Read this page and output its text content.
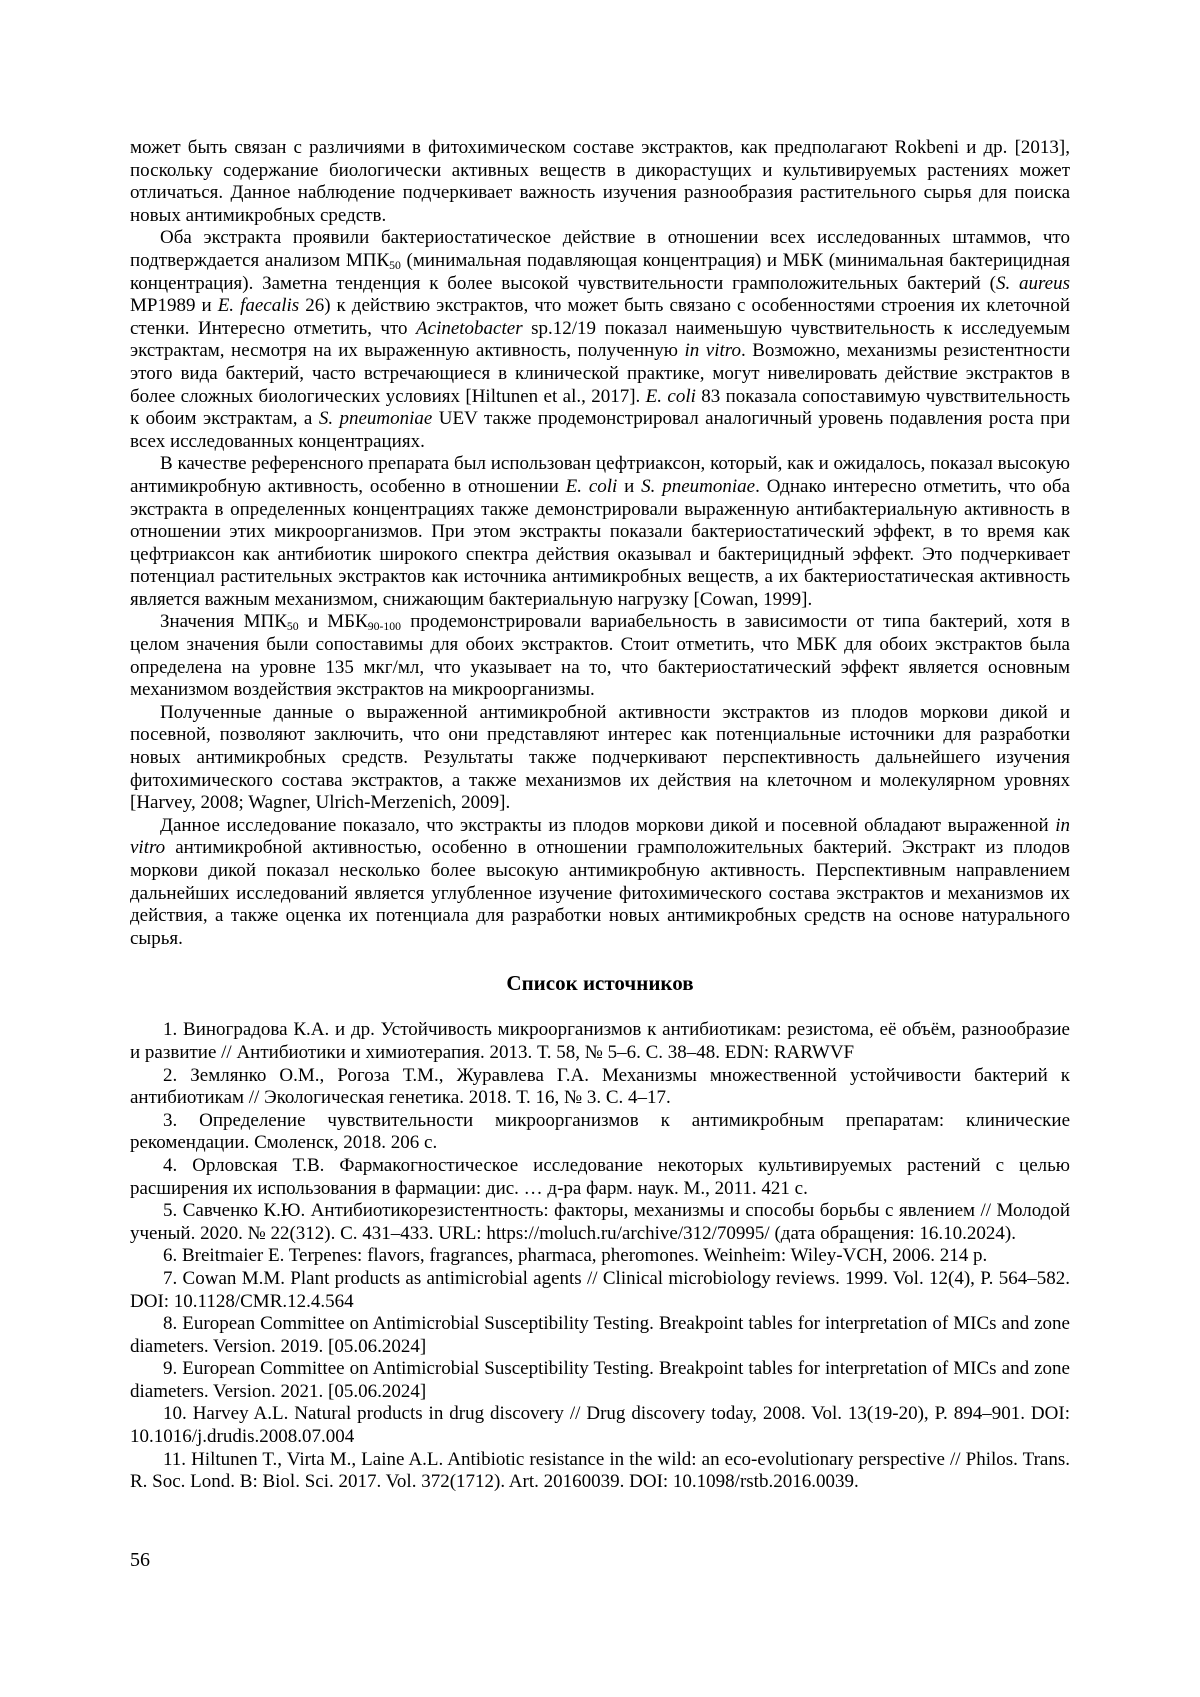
может быть связан с различиями в фитохимическом составе экстрактов, как предполагают Rokbeni и др. [2013], поскольку содержание биологически активных веществ в дикорастущих и культивируемых растениях может отличаться. Данное наблюдение подчеркивает важность изучения разнообразия растительного сырья для поиска новых антимикробных средств.

Оба экстракта проявили бактериостатическое действие в отношении всех исследованных штаммов, что подтверждается анализом $МПК_{50}$ (минимальная подавляющая концентрация) и МБК (минимальная бактерицидная концентрация). Заметна тенденция к более высокой чувствительности грамположительных бактерий (S. aureus MP1989 и E. faecalis 26) к действию экстрактов, что может быть связано с особенностями строения их клеточной стенки. Интересно отметить, что Acinetobacter sp.12/19 показал наименьшую чувствительность к исследуемым экстрактам, несмотря на их выраженную активность, полученную in vitro. Возможно, механизмы резистентности этого вида бактерий, часто встречающиеся в клинической практике, могут нивелировать действие экстрактов в более сложных биологических условиях [Hiltunen et al., 2017]. E. coli 83 показала сопоставимую чувствительность к обоим экстрактам, а S. pneumoniae UEV также продемонстрировал аналогичный уровень подавления роста при всех исследованных концентрациях.

В качестве референсного препарата был использован цефтриаксон, который, как и ожидалось, показал высокую антимикробную активность, особенно в отношении E. coli и S. pneumoniae. Однако интересно отметить, что оба экстракта в определенных концентрациях также демонстрировали выраженную антибактериальную активность в отношении этих микроорганизмов. При этом экстракты показали бактериостатический эффект, в то время как цефтриаксон как антибиотик широкого спектра действия оказывал и бактерицидный эффект. Это подчеркивает потенциал растительных экстрактов как источника антимикробных веществ, а их бактериостатическая активность является важным механизмом, снижающим бактериальную нагрузку [Cowan, 1999].

Значения $МПК_{50}$ и $МБК_{90-100}$ продемонстрировали вариабельность в зависимости от типа бактерий, хотя в целом значения были сопоставимы для обоих экстрактов. Стоит отметить, что МБК для обоих экстрактов была определена на уровне 135 мкг/мл, что указывает на то, что бактериостатический эффект является основным механизмом воздействия экстрактов на микроорганизмы.

Полученные данные о выраженной антимикробной активности экстрактов из плодов моркови дикой и посевной, позволяют заключить, что они представляют интерес как потенциальные источники для разработки новых антимикробных средств. Результаты также подчеркивают перспективность дальнейшего изучения фитохимического состава экстрактов, а также механизмов их действия на клеточном и молекулярном уровнях [Harvey, 2008; Wagner, Ulrich-Merzenich, 2009].

Данное исследование показало, что экстракты из плодов моркови дикой и посевной обладают выраженной in vitro антимикробной активностью, особенно в отношении грамположительных бактерий. Экстракт из плодов моркови дикой показал несколько более высокую антимикробную активность. Перспективным направлением дальнейших исследований является углубленное изучение фитохимического состава экстрактов и механизмов их действия, а также оценка их потенциала для разработки новых антимикробных средств на основе натурального сырья.

Список источников

1. Виноградова К.А. и др. Устойчивость микроорганизмов к антибиотикам: резистома, её объём, разнообразие и развитие // Антибиотики и химиотерапия. 2013. Т. 58, № 5–6. С. 38–48. EDN: RARWVF

2. Землянко О.М., Рогоза Т.М., Журавлева Г.А. Механизмы множественной устойчивости бактерий к антибиотикам // Экологическая генетика. 2018. Т. 16, № 3. С. 4–17.

3. Определение чувствительности микроорганизмов к антимикробным препаратам: клинические рекомендации. Смоленск, 2018. 206 с.

4. Орловская Т.В. Фармакогностическое исследование некоторых культивируемых растений с целью расширения их использования в фармации: дис. … д-ра фарм. наук. М., 2011. 421 с.

5. Савченко К.Ю. Антибиотикорезистентность: факторы, механизмы и способы борьбы с явлением // Молодой ученый. 2020. № 22(312). С. 431–433. URL: https://moluch.ru/archive/312/70995/ (дата обращения: 16.10.2024).

6. Breitmaier E. Terpenes: flavors, fragrances, pharmaca, pheromones. Weinheim: Wiley-VCH, 2006. 214 p.

7. Cowan M.M. Plant products as antimicrobial agents // Clinical microbiology reviews. 1999. Vol. 12(4), P. 564–582. DOI: 10.1128/CMR.12.4.564

8. European Committee on Antimicrobial Susceptibility Testing. Breakpoint tables for interpretation of MICs and zone diameters. Version. 2019. [05.06.2024]

9. European Committee on Antimicrobial Susceptibility Testing. Breakpoint tables for interpretation of MICs and zone diameters. Version. 2021. [05.06.2024]

10. Harvey A.L. Natural products in drug discovery // Drug discovery today, 2008. Vol. 13(19-20), P. 894–901. DOI: 10.1016/j.drudis.2008.07.004

11. Hiltunen T., Virta M., Laine A.L. Antibiotic resistance in the wild: an eco-evolutionary perspective // Philos. Trans. R. Soc. Lond. B: Biol. Sci. 2017. Vol. 372(1712). Art. 20160039. DOI: 10.1098/rstb.2016.0039.

56
